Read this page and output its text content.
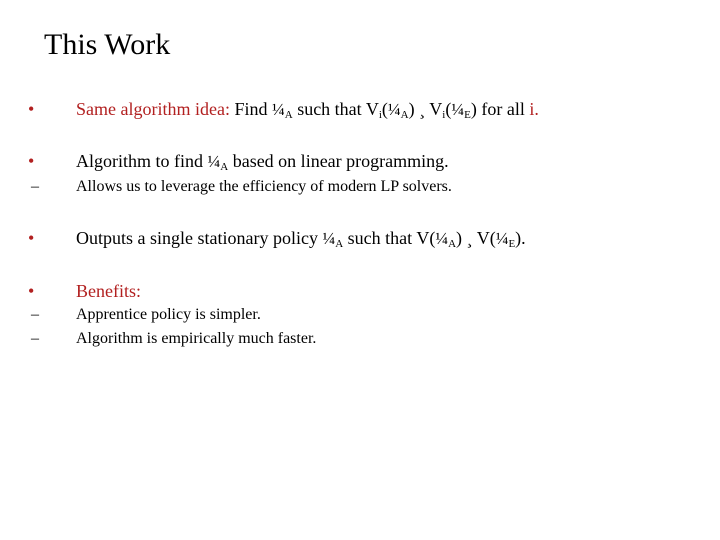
This Work
• Same algorithm idea: Find $\frac{1}{4}_A$ such that $V_i(\frac{1}{4}_A)$ ¸ $V_i(\frac{1}{4}_E)$ for all i.
• Algorithm to find $\frac{1}{4}_A$ based on linear programming.
– Allows us to leverage the efficiency of modern LP solvers.
• Outputs a single stationary policy $\frac{1}{4}_A$ such that $V(\frac{1}{4}_A)$ ¸ $V(\frac{1}{4}_E)$.
• Benefits:
– Apprentice policy is simpler.
– Algorithm is empirically much faster.
